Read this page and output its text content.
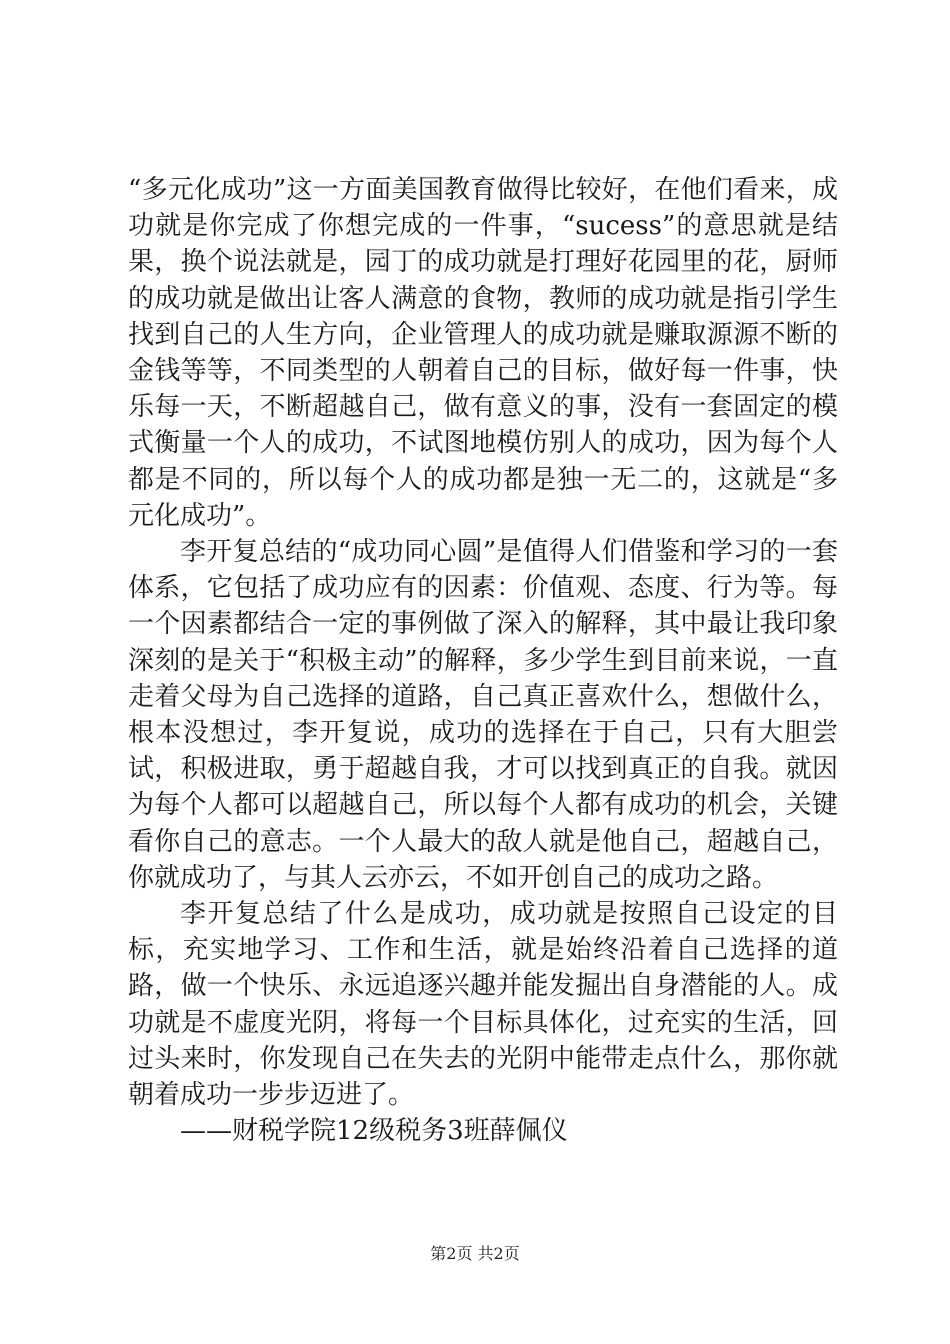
“多元化成功”这一方面美国教育做得比较好，在他们看来，成功就是你完成了你想完成的一件事，“sucess”的意思就是结果，换个说法就是，园丁的成功就是打理好花园里的花，厨师的成功就是做出让客人满意的食物，教师的成功就是指引学生找到自己的人生方向，企业管理人的成功就是赚取源源不断的金钱等等，不同类型的人朝着自己的目标，做好每一件事，快乐每一天，不断超越自己，做有意义的事，没有一套固定的模式衡量一个人的成功，不试图地模仿别人的成功，因为每个人都是不同的，所以每个人的成功都是独一无二的，这就是“多元化成功”。

李开复总结的“成功同心圆”是值得人们借鉴和学习的一套体系，它包括了成功应有的因素：价值观、态度、行为等。每一个因素都结合一定的事例做了深入的解释，其中最让我印象深刻的是关于“积极主动”的解释，多少学生到目前来说，一直走着父母为自己选择的道路，自己真正喜欢什么，想做什么，根本没想过，李开复说，成功的选择在于自己，只有大胆尝试，积极进取，勇于超越自我，才可以找到真正的自我。就因为每个人都可以超越自己，所以每个人都有成功的机会，关键看你自己的意志。一个人最大的敌人就是他自己，超越自己，你就成功了，与其人云亦云，不如开创自己的成功之路。

李开复总结了什么是成功，成功就是按照自己设定的目标，充实地学习、工作和生活，就是始终沿着自己选择的道路，做一个快乐、永远追逐兴趣并能发掘出自身潜能的人。成功就是不虚度光阴，将每一个目标具体化，过充实的生活，回过头来时，你发现自己在失去的光阴中能带走点什么，那你就朝着成功一步步迈进了。

——财税学院12级税务3班薛佩仪

第2页 共2页
